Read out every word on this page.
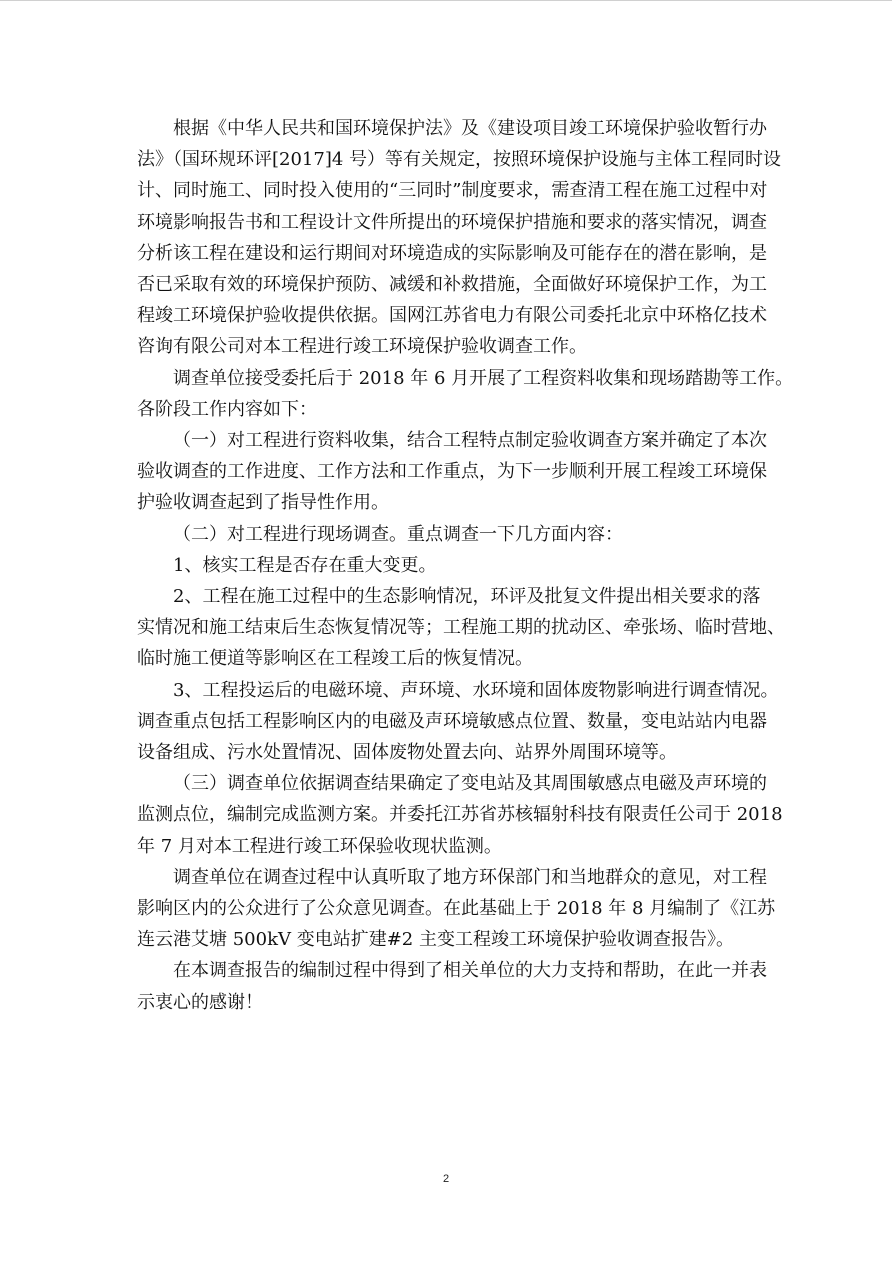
根据《中华人民共和国环境保护法》及《建设项目竣工环境保护验收暂行办
法》（国环规环评[2017]4 号）等有关规定，按照环境保护设施与主体工程同时设
计、同时施工、同时投入使用的“三同时”制度要求，需查清工程在施工过程中对
环境影响报告书和工程设计文件所提出的环境保护措施和要求的落实情况，调查
分析该工程在建设和运行期间对环境造成的实际影响及可能存在的潜在影响，是
否已采取有效的环境保护预防、减缓和补救措施，全面做好环境保护工作，为工
程竣工环境保护验收提供依据。国网江苏省电力有限公司委托北京中环格亿技术
咨询有限公司对本工程进行竣工环境保护验收调查工作。

调查单位接受委托后于 2018 年 6 月开展了工程资料收集和现场踏勘等工作。
各阶段工作内容如下：

（一）对工程进行资料收集，结合工程特点制定验收调查方案并确定了本次
验收调查的工作进度、工作方法和工作重点，为下一步顺利开展工程竣工环境保
护验收调查起到了指导性作用。

（二）对工程进行现场调查。重点调查一下几方面内容：

1、核实工程是否存在重大变更。

2、工程在施工过程中的生态影响情况，环评及批复文件提出相关要求的落
实情况和施工结束后生态恢复情况等；工程施工期的扰动区、牵张场、临时营地、
临时施工便道等影响区在工程竣工后的恢复情况。

3、工程投运后的电磁环境、声环境、水环境和固体废物影响进行调查情况。
调查重点包括工程影响区内的电磁及声环境敏感点位置、数量，变电站站内电器
设备组成、污水处置情况、固体废物处置去向、站界外周围环境等。

（三）调查单位依据调查结果确定了变电站及其周围敏感点电磁及声环境的
监测点位，编制完成监测方案。并委托江苏省苏核辐射科技有限责任公司于 2018
年 7 月对本工程进行竣工环保验收现状监测。

调查单位在调查过程中认真听取了地方环保部门和当地群众的意见，对工程
影响区内的公众进行了公众意见调查。在此基础上于 2018 年 8 月编制了《江苏
连云港艾塘 500kV 变电站扩建#2 主变工程竣工环境保护验收调查报告》。

在本调查报告的编制过程中得到了相关单位的大力支持和帮助，在此一并表
示衷心的感谢！

2
